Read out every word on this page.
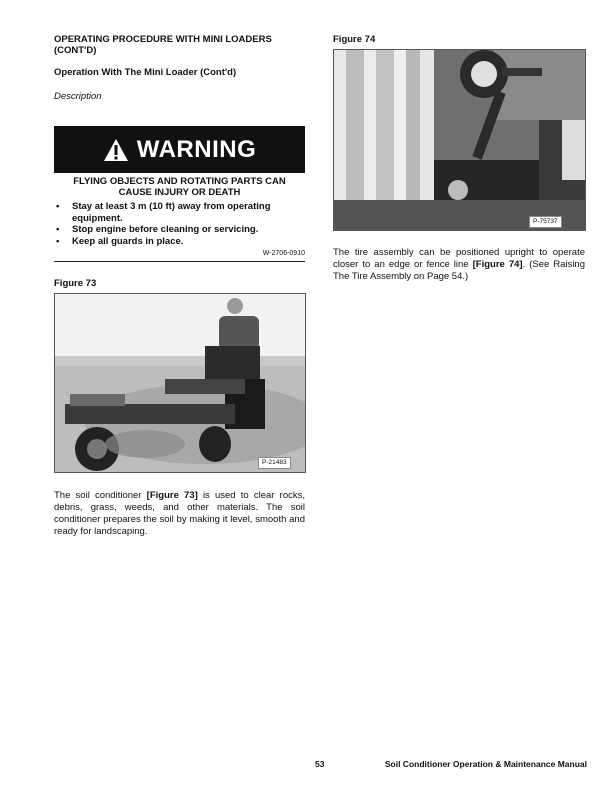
OPERATING PROCEDURE WITH MINI LOADERS (CONT'D)
Operation With The Mini Loader (Cont'd)
Description
WARNING
FLYING OBJECTS AND ROTATING PARTS CAN
CAUSE INJURY OR DEATH
• Stay at least 3 m (10 ft) away from operating equipment.
• Stop engine before cleaning or servicing.
• Keep all guards in place.
W-2706-0910
Figure 73
P-21483
The soil conditioner [Figure 73] is used to clear rocks, debris, grass, weeds, and other materials. The soil conditioner prepares the soil by making it level, smooth and ready for landscaping.
Figure 74
P-75737
The tire assembly can be positioned upright to operate closer to an edge or fence line [Figure 74]. (See Raising The Tire Assembly on Page 54.)
53	Soil Conditioner Operation & Maintenance Manual
